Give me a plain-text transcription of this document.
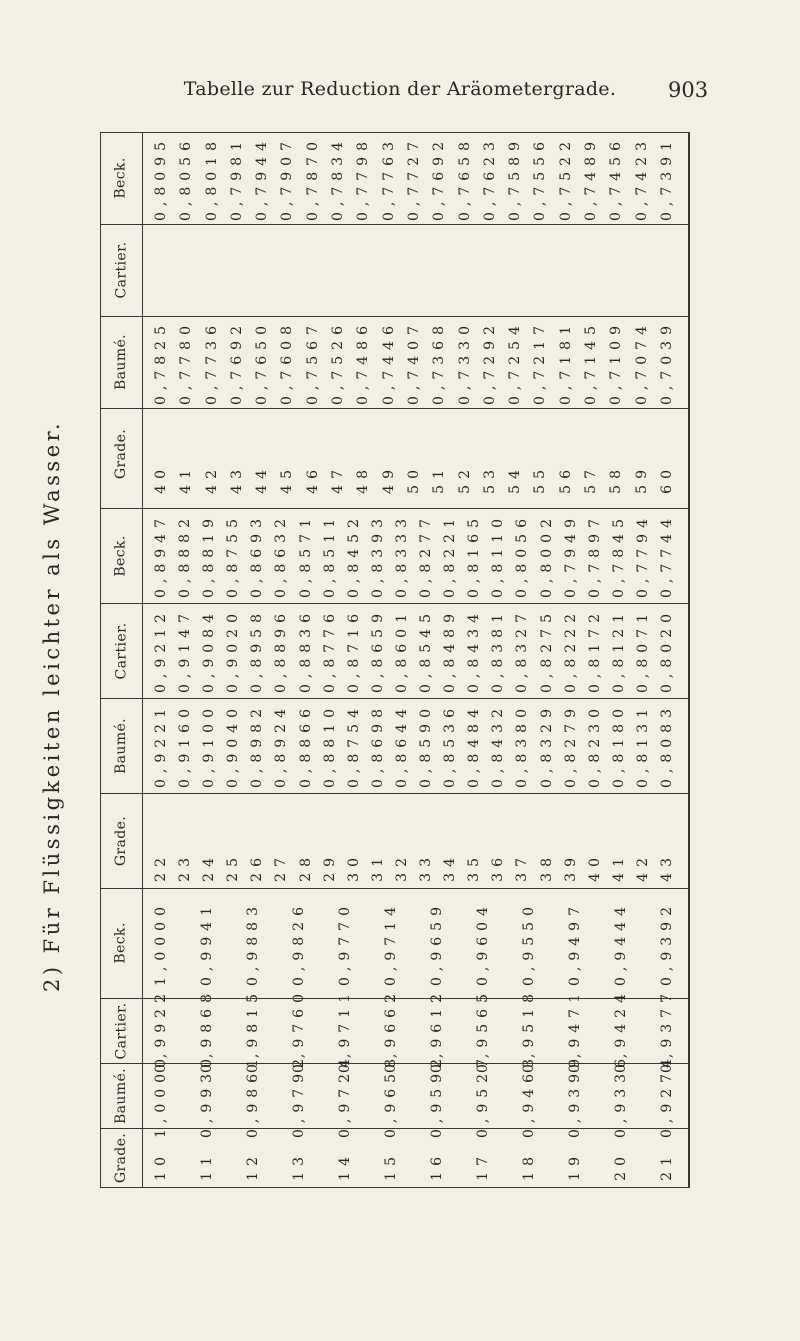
2) Für Flüssigkeiten leichter als Wasser.
Tabelle zur Reduction der Aräometergrade.	903
Beck. 0,8095 0,8056 0,8018 0,7981 0,7944 0,7907 0,7870 0,7834 0,7798 0,7763 0,7727 0,7692 0,7658 0,7623 0,7589 0,7556 0,7522 0,7489 0,7456 0,7423 0,7391
Cartier.
Baumé. 0,7825 0,7780 0,7736 0,7692 0,7650 0,7608 0,7567 0,7526 0,7486 0,7446 0,7407 0,7368 0,7330 0,7292 0,7254 0,7217 0,7181 0,7145 0,7109 0,7074 0,7039
Grade. 40 41 42 43 44 45 46 47 48 49 50 51 52 53 54 55 56 57 58 59 60
Beck. 0,8947 0,8882 0,8819 0,8755 0,8693 0,8632 0,8571 0,8511 0,8452 0,8393 0,8333 0,8277 0,8221 0,8165 0,8110 0,8056 0,8002 0,7949 0,7897 0,7845 0,7794 0,7744
Cartier. 0,9212 0,9147 0,9084 0,9020 0,8958 0,8896 0,8836 0,8776 0,8716 0,8659 0,8601 0,8545 0,8489 0,8434 0,8381 0,8327 0,8275 0,8222 0,8172 0,8121 0,8071 0,8020
Baumé. 0,9221 0,9160 0,9100 0,9040 0,8982 0,8924 0,8866 0,8810 0,8754 0,8698 0,8644 0,8590 0,8536 0,8484 0,8432 0,8380 0,8329 0,8279 0,8230 0,8180 0,8131 0,8083
Grade.
22 23 24 25 26 27 28 29 30 31 32 33 34 35 36 37 38 39 40 41 42 43
Beck. 1,0000 0,9941 0,9883 0,9826 0,9770 0,9714 0,9659 0,9604 0,9550 0,9497 0,9444 0,9392
Cartier. 0,9922 0,9868 0,9815 0,9760 0,9711 0,9662 0,9612 0,9565 0,9518 0,9471 0,9424 0,9377
Baumé. 1,0000 0,9930 0,9861 0,9792 0,9724 0,9658 0,9592 0,9527 0,9463 0,9399 0,9336 0,9274
Grade. 10 11 12 13 14 15 16 17 18 19 20 21
